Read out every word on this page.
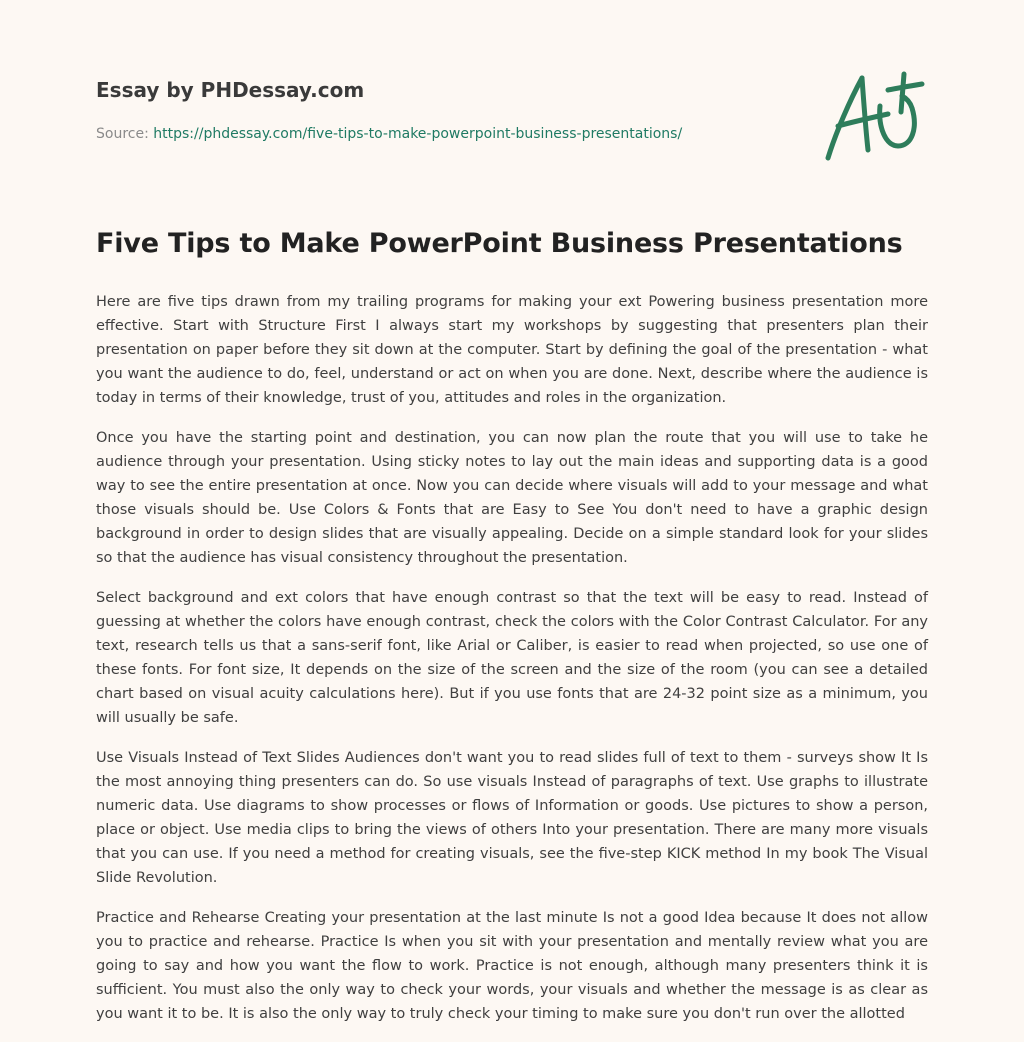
Essay by PHDessay.com
Source: https://phdessay.com/five-tips-to-make-powerpoint-business-presentations/
Five Tips to Make PowerPoint Business Presentations

Here are five tips drawn from my trailing programs for making your ext Powering business presentation more effective. Start with Structure First I always start my workshops by suggesting that presenters plan their presentation on paper before they sit down at the computer. Start by defining the goal of the presentation - what you want the audience to do, feel, understand or act on when you are done. Next, describe where the audience is today in terms of their knowledge, trust of you, attitudes and roles in the organization.

Once you have the starting point and destination, you can now plan the route that you will use to take he audience through your presentation. Using sticky notes to lay out the main ideas and supporting data is a good way to see the entire presentation at once. Now you can decide where visuals will add to your message and what those visuals should be. Use Colors & Fonts that are Easy to See You don't need to have a graphic design background in order to design slides that are visually appealing. Decide on a simple standard look for your slides so that the audience has visual consistency throughout the presentation.

Select background and ext colors that have enough contrast so that the text will be easy to read. Instead of guessing at whether the colors have enough contrast, check the colors with the Color Contrast Calculator. For any text, research tells us that a sans-serif font, like Arial or Caliber, is easier to read when projected, so use one of these fonts. For font size, It depends on the size of the screen and the size of the room (you can see a detailed chart based on visual acuity calculations here). But if you use fonts that are 24-32 point size as a minimum, you will usually be safe.

Use Visuals Instead of Text Slides Audiences don't want you to read slides full of text to them - surveys show It Is the most annoying thing presenters can do. So use visuals Instead of paragraphs of text. Use graphs to illustrate numeric data. Use diagrams to show processes or flows of Information or goods. Use pictures to show a person, place or object. Use media clips to bring the views of others Into your presentation. There are many more visuals that you can use. If you need a method for creating visuals, see the five-step KICK method In my book The Visual Slide Revolution.

Practice and Rehearse Creating your presentation at the last minute Is not a good Idea because It does not allow you to practice and rehearse. Practice Is when you sit with your presentation and mentally review what you are going to say and how you want the flow to work. Practice is not enough, although many presenters think it is sufficient. You must also the only way to check your words, your visuals and whether the message is as clear as you want it to be. It is also the only way to truly check your timing to make sure you don't run over the allotted
